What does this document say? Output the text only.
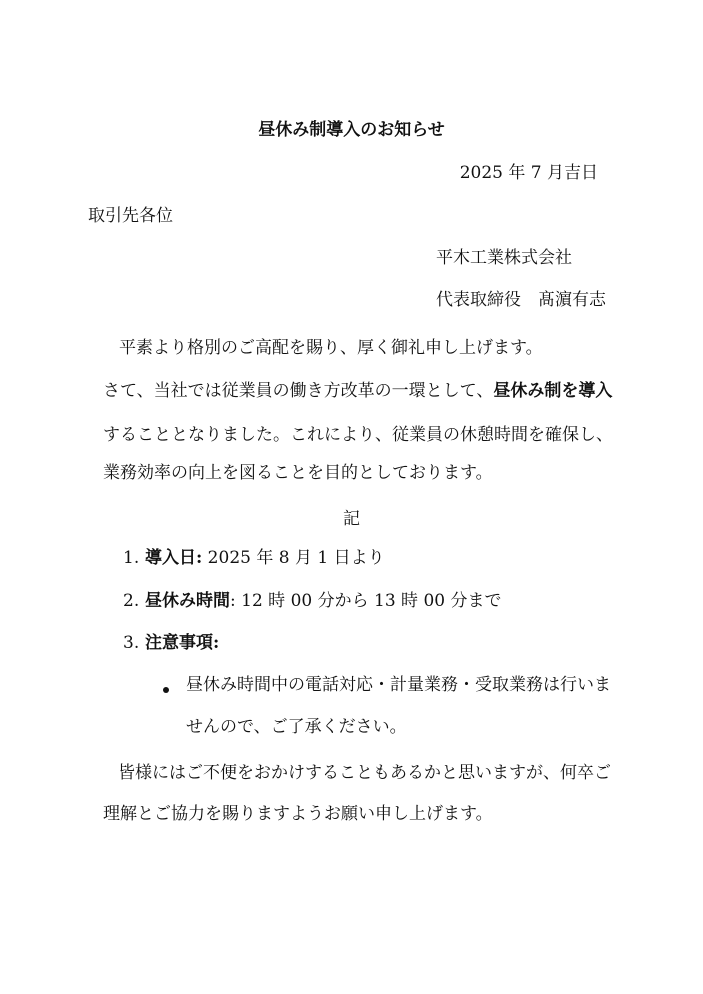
昼休み制導入のお知らせ
2025 年 7 月吉日
取引先各位
平木工業株式会社
代表取締役 髙濵有志
平素より格別のご高配を賜り、厚く御礼申し上げます。
さて、当社では従業員の働き方改革の一環として、昼休み制を導入
することとなりました。これにより、従業員の休憩時間を確保し、
業務効率の向上を図ることを目的としております。
記
1. 導入日: 2025 年 8 月 1 日より
2. 昼休み時間: 12 時 00 分から 13 時 00 分まで
3. 注意事項:
昼休み時間中の電話対応・計量業務・受取業務は行いま
せんので、ご了承ください。
皆様にはご不便をおかけすることもあるかと思いますが、何卒ご
理解とご協力を賜りますようお願い申し上げます。
